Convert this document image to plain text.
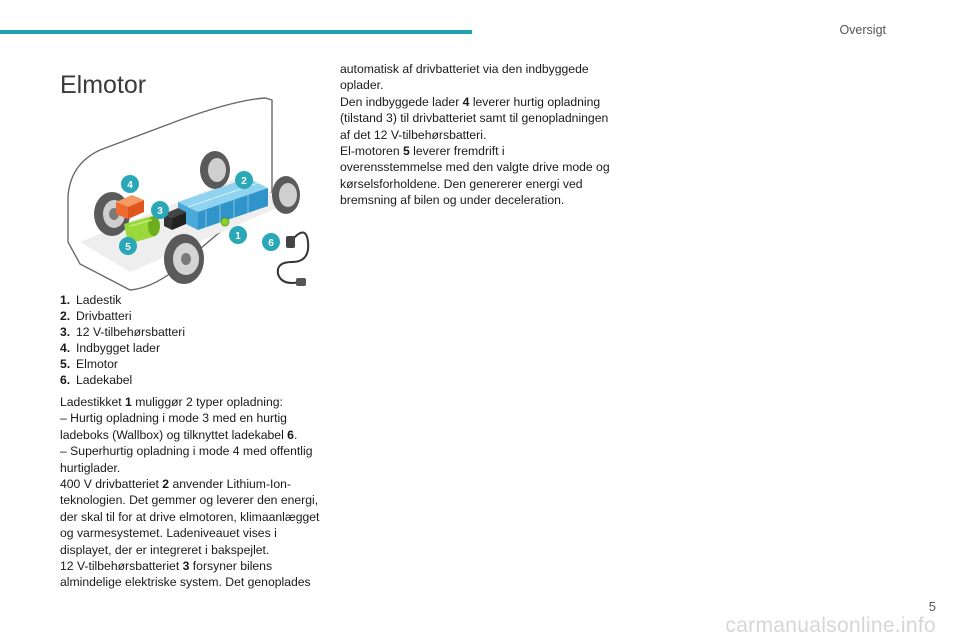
Oversigt
Elmotor
4	2
3
1
5	6
1. Ladestik
2. Drivbatteri
3. 12 V-tilbehørsbatteri
4. Indbygget lader
5. Elmotor
6. Ladekabel

Ladestikket 1 muliggør 2 typer opladning:

– Hurtig opladning i mode 3 med en hurtig ladeboks (Wallbox) og tilknyttet ladekabel 6.

– Superhurtig opladning i mode 4 med offentlig hurtiglader.

400 V drivbatteriet 2 anvender Lithium-Ion-teknologien. Det gemmer og leverer den energi, der skal til for at drive elmotoren, klimaanlægget og varmesystemet. Ladeniveauet vises i displayet, der er integreret i bakspejlet.

12 V-tilbehørsbatteriet 3 forsyner bilens almindelige elektriske system. Det genoplades

automatisk af drivbatteriet via den indbyggede oplader.

Den indbyggede lader 4 leverer hurtig opladning (tilstand 3) til drivbatteriet samt til genopladningen af det 12 V-tilbehørsbatteri.

El-motoren 5 leverer fremdrift i overensstemmelse med den valgte drive mode og kørselsforholdene. Den genererer energi ved bremsning af bilen og under deceleration.

5
carmanualsonline.info
